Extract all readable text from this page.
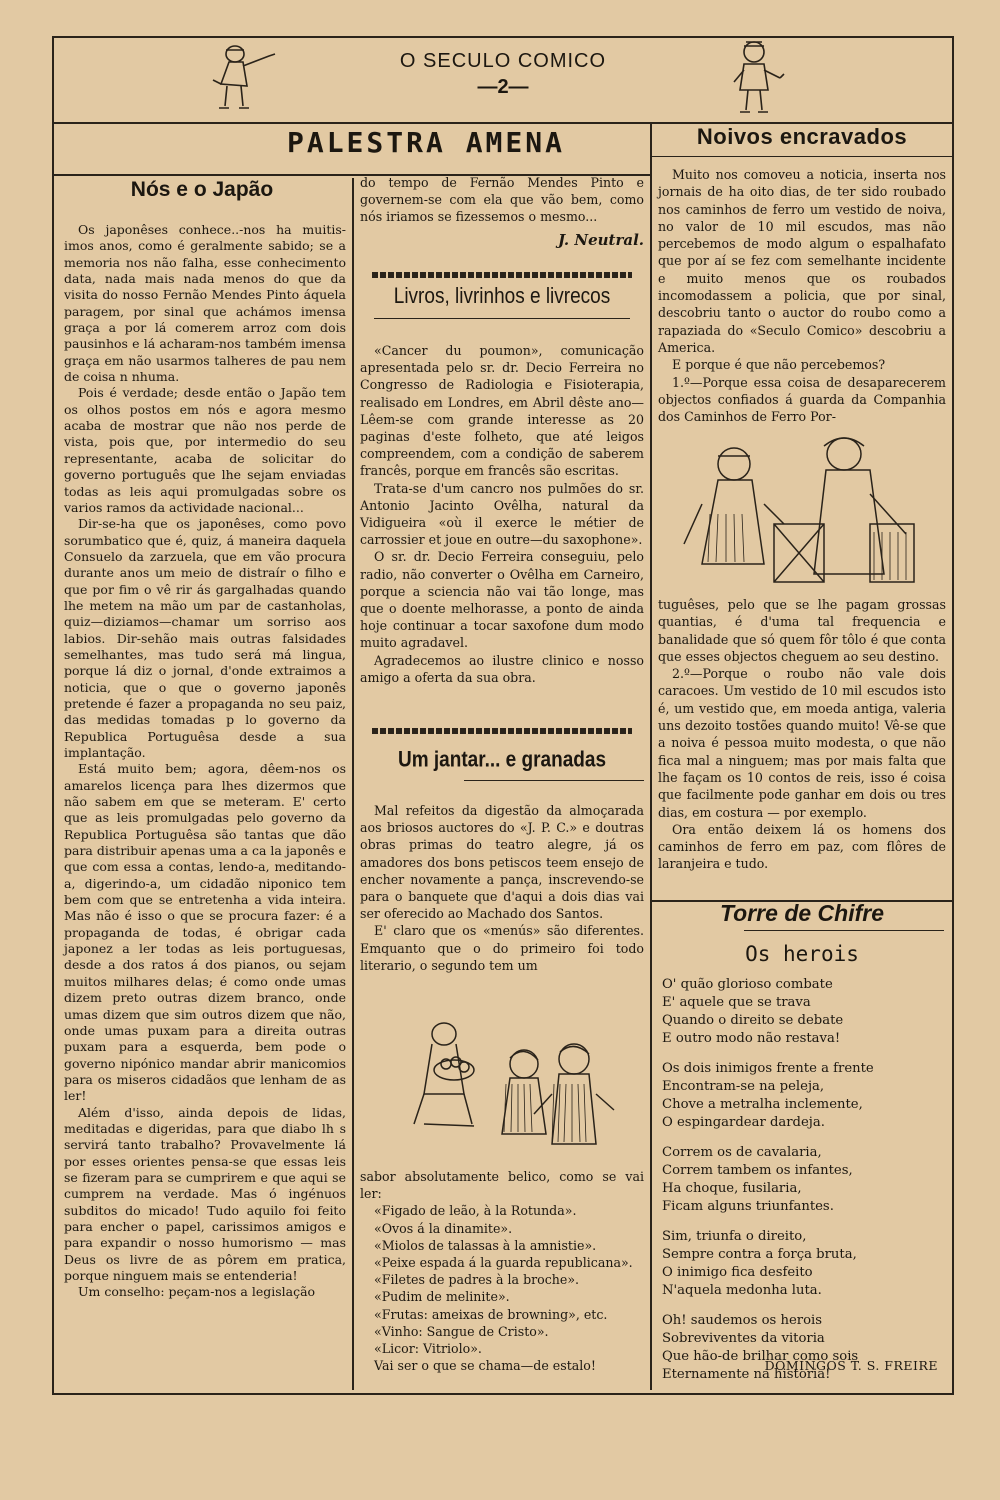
O SECULO COMICO
—2—
PALESTRA AMENA
Nós e o Japão

Os japonêses conhece..-nos ha muitis-imos anos, como é geralmente sabido; se a memoria nos não falha, esse conhecimento data, nada mais nada menos do que da visita do nosso Fernão Mendes Pinto áquela paragem, por sinal que achámos imensa graça a por lá comerem arroz com dois pausinhos e lá acharam-nos também imensa graça em não usarmos talheres de pau nem de coisa n nhuma.

Pois é verdade; desde então o Japão tem os olhos postos em nós e agora mesmo acaba de mostrar que não nos perde de vista, pois que, por intermedio do seu representante, acaba de solicitar do governo português que lhe sejam enviadas todas as leis aqui promulgadas sobre os varios ramos da actividade nacional...

Dir-se-ha que os japonêses, como povo sorumbatico que é, quiz, á maneira daquela Consuelo da zarzuela, que em vão procura durante anos um meio de distraír o filho e que por fim o vê rir ás gargalhadas quando lhe metem na mão um par de castanholas, quiz—diziamos—chamar um sorriso aos labios. Dir-sehão mais outras falsidades semelhantes, mas tudo será má lingua, porque lá diz o jornal, d'onde extraimos a noticia, que o que o governo japonês pretende é fazer a propaganda no seu paiz, das medidas tomadas p lo governo da Republica Portuguêsa desde a sua implantação.

Está muito bem; agora, dêem-nos os amarelos licença para lhes dizermos que não sabem em que se meteram. E' certo que as leis promulgadas pelo governo da Republica Portuguêsa são tantas que dão para distribuir apenas uma a ca la japonês e que com essa a contas, lendo-a, meditando-a, digerindo-a, um cidadão niponico tem bem com que se entretenha a vida inteira. Mas não é isso o que se procura fazer: é a propaganda de todas, é obrigar cada japonez a ler todas as leis portuguesas, desde a dos ratos á dos pianos, ou sejam muitos milhares delas; é como onde umas dizem preto outras dizem branco, onde umas dizem que sim outros dizem que não, onde umas puxam para a direita outras puxam para a esquerda, bem pode o governo nipónico mandar abrir manicomios para os miseros cidadãos que lenham de as ler!

Além d'isso, ainda depois de lidas, meditadas e digeridas, para que diabo lh s servirá tanto trabalho? Provavelmente lá por esses orientes pensa-se que essas leis se fizeram para se cumprirem e que aqui se cumprem na verdade. Mas ó ingénuos subditos do micado! Tudo aquilo foi feito para encher o papel, carissimos amigos e para expandir o nosso humorismo — mas Deus os livre de as pôrem em pratica, porque ninguem mais se entenderia!

Um conselho: peçam-nos a legislação

do tempo de Fernão Mendes Pinto e governem-se com ela que vão bem, como nós iriamos se fizessemos o mesmo...
J. Neutral.
Livros, livrinhos e livrecos

«Cancer du poumon», comunicação apresentada pelo sr. dr. Decio Ferreira no Congresso de Radiologia e Fisioterapia, realisado em Londres, em Abril dêste ano—Lêem-se com grande interesse as 20 paginas d'este folheto, que até leigos compreendem, com a condição de saberem francês, porque em francês são escritas.

Trata-se d'um cancro nos pulmões do sr. Antonio Jacinto Ovêlha, natural da Vidigueira «où il exerce le métier de carrossier et joue en outre—du saxophone».

O sr. dr. Decio Ferreira conseguiu, pelo radio, não converter o Ovêlha em Carneiro, porque a sciencia não vai tão longe, mas que o doente melhorasse, a ponto de ainda hoje continuar a tocar saxofone dum modo muito agradavel.

Agradecemos ao ilustre clinico e nosso amigo a oferta da sua obra.

Um jantar... e granadas

Mal refeitos da digestão da almoçarada aos briosos auctores do «J. P. C.» e doutras obras primas do teatro alegre, já os amadores dos bons petiscos teem ensejo de encher novamente a pança, inscrevendo-se para o banquete que d'aqui a dois dias vai ser oferecido ao Machado dos Santos.

E' claro que os «menús» são diferentes. Emquanto que o do primeiro foi todo literario, o segundo tem um

sabor absolutamente belico, como se vai ler:
«Figado de leão, à la Rotunda».
«Ovos á la dinamite».
«Miolos de talassas à la amnistie».
«Peixe espada á la guarda republicana».
«Filetes de padres à la broche».
«Pudim de melinite».
«Frutas: ameixas de browning», etc.
«Vinho: Sangue de Cristo».
«Licor: Vitriolo».
Vai ser o que se chama—de estalo!
Noivos encravados

Muito nos comoveu a noticia, inserta nos jornais de ha oito dias, de ter sido roubado nos caminhos de ferro um vestido de noiva, no valor de 10 mil escudos, mas não percebemos de modo algum o espalhafato que por aí se fez com semelhante incidente e muito menos que os roubados incomodassem a policia, que por sinal, descobriu tanto o auctor do roubo como a rapaziada do «Seculo Comico» descobriu a America.

E porque é que não percebemos?

1.º—Porque essa coisa de desaparecerem objectos confiados á guarda da Companhia dos Caminhos de Ferro Por-

tuguêses, pelo que se lhe pagam grossas quantias, é d'uma tal frequencia e banalidade que só quem fôr tôlo é que conta que esses objectos cheguem ao seu destino.

2.º—Porque o roubo não vale dois caracoes. Um vestido de 10 mil escudos isto é, um vestido que, em moeda antiga, valeria uns dezoito tostões quando muito! Vê-se que a noiva é pessoa muito modesta, o que não fica mal a ninguem; mas por mais falta que lhe façam os 10 contos de reis, isso é coisa que facilmente pode ganhar em dois ou tres dias, em costura — por exemplo.

Ora então deixem lá os homens dos caminhos de ferro em paz, com flôres de laranjeira e tudo.

Torre de Chifre
Os herois
O' quão glorioso combate
E' aquele que se trava
Quando o direito se debate
E outro modo não restava!
Os dois inimigos frente a frente
Encontram-se na peleja,
Chove a metralha inclemente,
O espingardear dardeja.
Correm os de cavalaria,
Correm tambem os infantes,
Ha choque, fusilaria,
Ficam alguns triunfantes.
Sim, triunfa o direito,
Sempre contra a força bruta,
O inimigo fica desfeito
N'aquela medonha luta.
Oh! saudemos os herois
Sobreviventes da vitoria
Que hão-de brilhar como sois
Eternamente na historia!
DOMINGOS T. S. FREIRE
